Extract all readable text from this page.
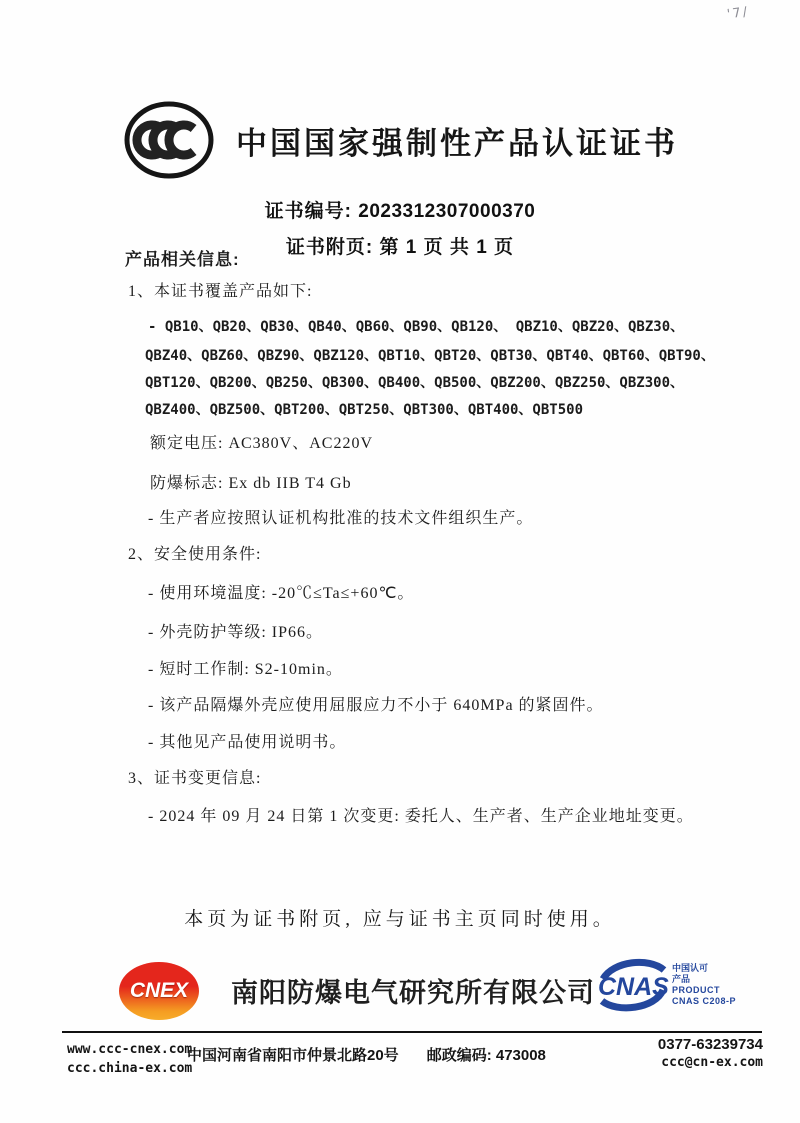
'7/
中国国家强制性产品认证证书
证书编号: 2023312307000370
证书附页: 第 1 页 共 1 页
产品相关信息:
1、本证书覆盖产品如下:
- QB10、QB20、QB30、QB40、QB60、QB90、QB120、 QBZ10、QBZ20、QBZ30、
QBZ40、QBZ60、QBZ90、QBZ120、QBT10、QBT20、QBT30、QBT40、QBT60、QBT90、
QBT120、QB200、QB250、QB300、QB400、QB500、QBZ200、QBZ250、QBZ300、
QBZ400、QBZ500、QBT200、QBT250、QBT300、QBT400、QBT500
额定电压: AC380V、AC220V
防爆标志: Ex db IIB T4 Gb
- 生产者应按照认证机构批准的技术文件组织生产。
2、安全使用条件:
- 使用环境温度: -20℃≤Ta≤+60℃。
- 外壳防护等级: IP66。
- 短时工作制: S2-10min。
- 该产品隔爆外壳应使用屈服应力不小于 640MPa 的紧固件。
- 其他见产品使用说明书。
3、证书变更信息:
- 2024 年 09 月 24 日第 1 次变更: 委托人、生产者、生产企业地址变更。
本页为证书附页, 应与证书主页同时使用。
CNEX 南阳防爆电气研究所有限公司 CNAS
中国认可
产品
PRODUCT
CNAS C208-P
www.ccc-cnex.com
ccc.china-ex.com
中国河南省南阳市仲景北路20号 邮政编码: 473008
0377-63239734
ccc@cn-ex.com
